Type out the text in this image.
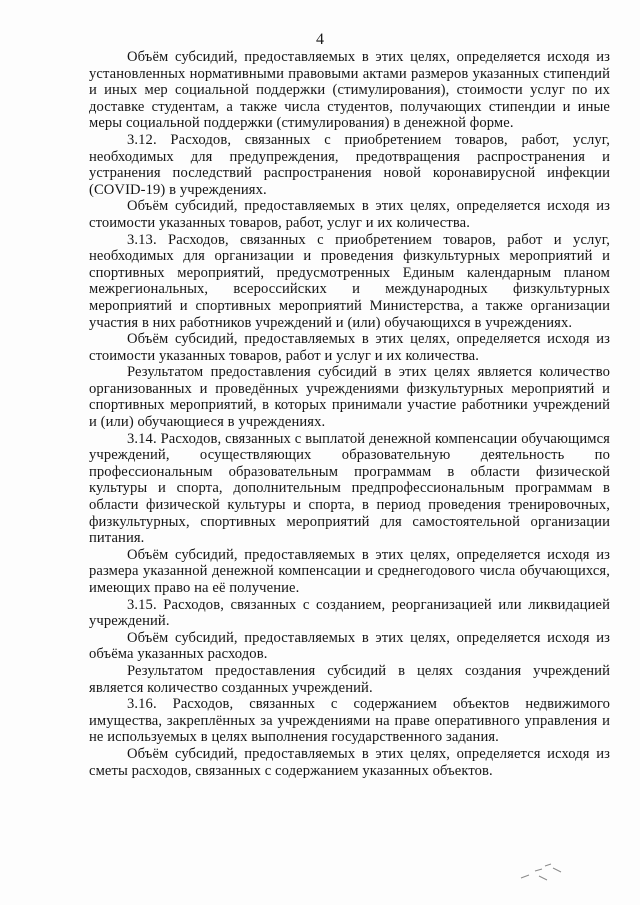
4

Объём субсидий, предоставляемых в этих целях, определяется исходя из установленных нормативными правовыми актами размеров указанных стипендий и иных мер социальной поддержки (стимулирования), стоимости услуг по их доставке студентам, а также числа студентов, получающих стипендии и иные меры социальной поддержки (стимулирования) в денежной форме.

3.12. Расходов, связанных с приобретением товаров, работ, услуг, необходимых для предупреждения, предотвращения распространения и устранения последствий распространения новой коронавирусной инфекции (COVID-19) в учреждениях.

Объём субсидий, предоставляемых в этих целях, определяется исходя из стоимости указанных товаров, работ, услуг и их количества.

3.13. Расходов, связанных с приобретением товаров, работ и услуг, необходимых для организации и проведения физкультурных мероприятий и спортивных мероприятий, предусмотренных Единым календарным планом межрегиональных, всероссийских и международных физкультурных мероприятий и спортивных мероприятий Министерства, а также организации участия в них работников учреждений и (или) обучающихся в учреждениях.

Объём субсидий, предоставляемых в этих целях, определяется исходя из стоимости указанных товаров, работ и услуг и их количества.

Результатом предоставления субсидий в этих целях является количество организованных и проведённых учреждениями физкультурных мероприятий и спортивных мероприятий, в которых принимали участие работники учреждений и (или) обучающиеся в учреждениях.

3.14. Расходов, связанных с выплатой денежной компенсации обучающимся учреждений, осуществляющих образовательную деятельность по профессиональным образовательным программам в области физической культуры и спорта, дополнительным предпрофессиональным программам в области физической культуры и спорта, в период проведения тренировочных, физкультурных, спортивных мероприятий для самостоятельной организации питания.

Объём субсидий, предоставляемых в этих целях, определяется исходя из размера указанной денежной компенсации и среднегодового числа обучающихся, имеющих право на её получение.

3.15. Расходов, связанных с созданием, реорганизацией или ликвидацией учреждений.

Объём субсидий, предоставляемых в этих целях, определяется исходя из объёма указанных расходов.

Результатом предоставления субсидий в целях создания учреждений является количество созданных учреждений.

3.16. Расходов, связанных с содержанием объектов недвижимого имущества, закреплённых за учреждениями на праве оперативного управления и не используемых в целях выполнения государственного задания.

Объём субсидий, предоставляемых в этих целях, определяется исходя из сметы расходов, связанных с содержанием указанных объектов.
